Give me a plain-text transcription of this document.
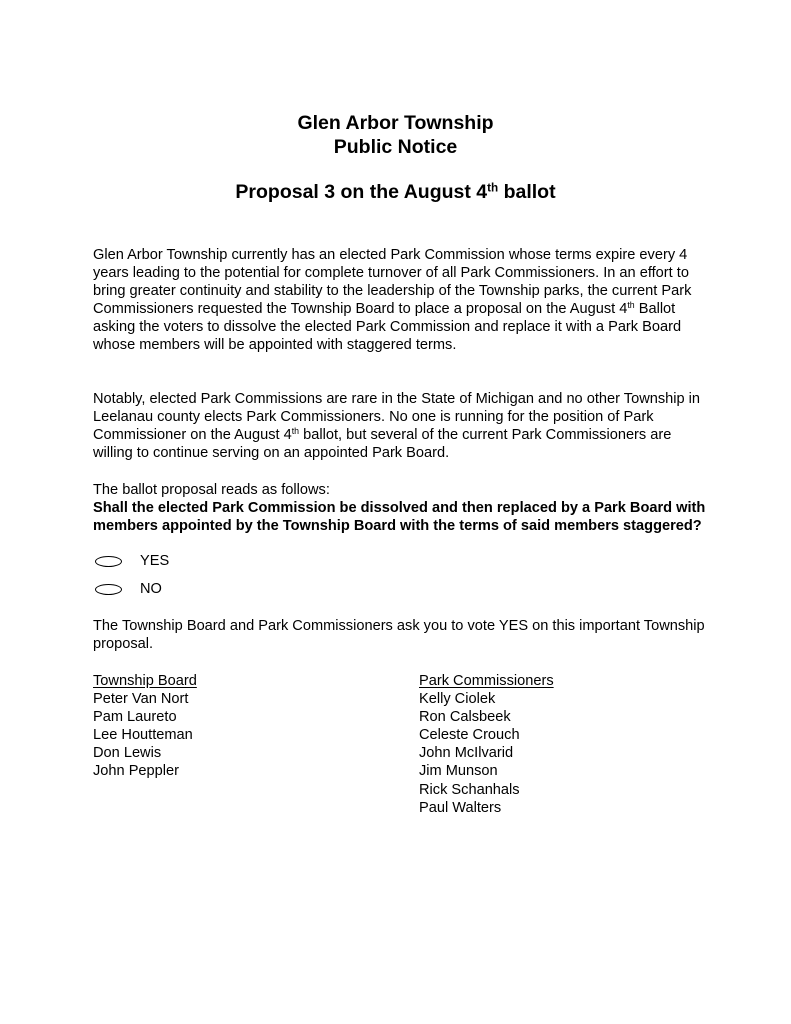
Glen Arbor Township
Public Notice
Proposal 3 on the August 4th ballot

Glen Arbor Township currently has an elected Park Commission whose terms expire every 4 years leading to the potential for complete turnover of all Park Commissioners. In an effort to bring greater continuity and stability to the leadership of the Township parks, the current Park Commissioners requested the Township Board to place a proposal on the August 4th Ballot asking the voters to dissolve the elected Park Commission and replace it with a Park Board whose members will be appointed with staggered terms.

Notably, elected Park Commissions are rare in the State of Michigan and no other Township in Leelanau county elects Park Commissioners. No one is running for the position of Park Commissioner on the August 4th ballot, but several of the current Park Commissioners are willing to continue serving on an appointed Park Board.

The ballot proposal reads as follows:

Shall the elected Park Commission be dissolved and then replaced by a Park Board with members appointed by the Township Board with the terms of said members staggered?

YES
NO

The Township Board and Park Commissioners ask you to vote YES on this important Township proposal.

Township Board
Peter Van Nort
Pam Laureto
Lee Houtteman
Don Lewis
John Peppler
Park Commissioners
Kelly Ciolek
Ron Calsbeek
Celeste Crouch
John McIlvarid
Jim Munson
Rick Schanhals
Paul Walters
